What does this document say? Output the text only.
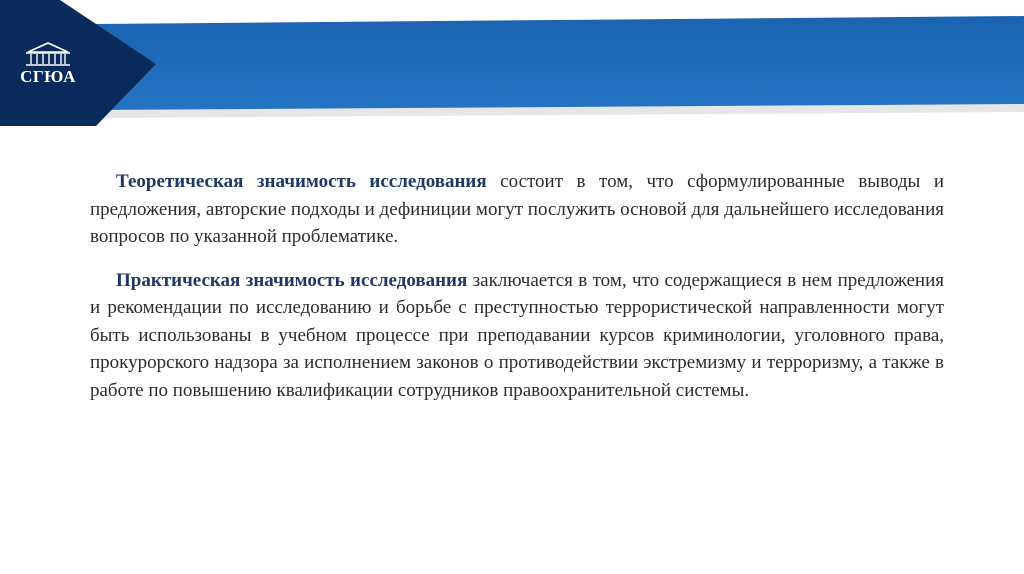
СГЮА

Теоретическая значимость исследования состоит в том, что сформулированные выводы и предложения, авторские подходы и дефиниции могут послужить основой для дальнейшего исследования вопросов по указанной проблематике.

Практическая значимость исследования заключается в том, что содержащиеся в нем предложения и рекомендации по исследованию и борьбе с преступностью террористической направленности могут быть использованы в учебном процессе при преподавании курсов криминологии, уголовного права, прокурорского надзора за исполнением законов о противодействии экстремизму и терроризму, а также в работе по повышению квалификации сотрудников правоохранительной системы.
